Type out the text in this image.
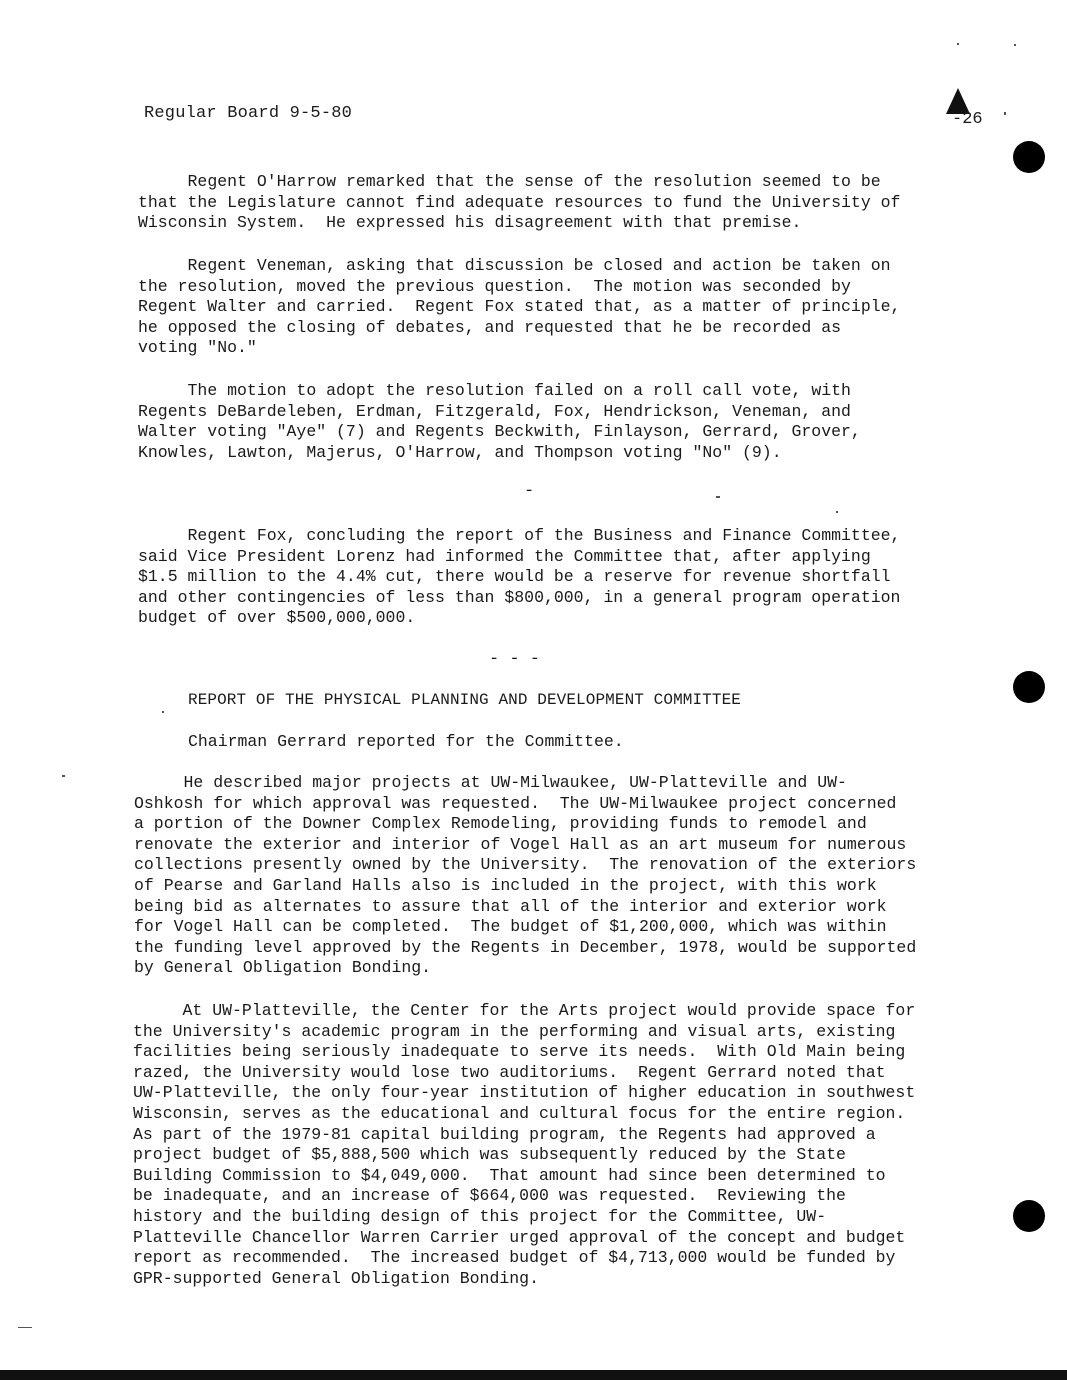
Regular Board 9-5-80	-26

Regent O'Harrow remarked that the sense of the resolution seemed to be
that the Legislature cannot find adequate resources to fund the University of
Wisconsin System.  He expressed his disagreement with that premise.

Regent Veneman, asking that discussion be closed and action be taken on
the resolution, moved the previous question.  The motion was seconded by
Regent Walter and carried.  Regent Fox stated that, as a matter of principle,
he opposed the closing of debates, and requested that he be recorded as
voting "No."

The motion to adopt the resolution failed on a roll call vote, with
Regents DeBardeleben, Erdman, Fitzgerald, Fox, Hendrickson, Veneman, and
Walter voting "Aye" (7) and Regents Beckwith, Finlayson, Gerrard, Grover,
Knowles, Lawton, Majerus, O'Harrow, and Thompson voting "No" (9).

-

Regent Fox, concluding the report of the Business and Finance Committee,
said Vice President Lorenz had informed the Committee that, after applying
$1.5 million to the 4.4% cut, there would be a reserve for revenue shortfall
and other contingencies of less than $800,000, in a general program operation
budget of over $500,000,000.

- - -
REPORT OF THE PHYSICAL PLANNING AND DEVELOPMENT COMMITTEE
Chairman Gerrard reported for the Committee.

He described major projects at UW-Milwaukee, UW-Platteville and UW-
Oshkosh for which approval was requested.  The UW-Milwaukee project concerned
a portion of the Downer Complex Remodeling, providing funds to remodel and
renovate the exterior and interior of Vogel Hall as an art museum for numerous
collections presently owned by the University.  The renovation of the exteriors
of Pearse and Garland Halls also is included in the project, with this work
being bid as alternates to assure that all of the interior and exterior work
for Vogel Hall can be completed.  The budget of $1,200,000, which was within
the funding level approved by the Regents in December, 1978, would be supported
by General Obligation Bonding.

At UW-Platteville, the Center for the Arts project would provide space for
the University's academic program in the performing and visual arts, existing
facilities being seriously inadequate to serve its needs.  With Old Main being
razed, the University would lose two auditoriums.  Regent Gerrard noted that
UW-Platteville, the only four-year institution of higher education in southwest
Wisconsin, serves as the educational and cultural focus for the entire region.
As part of the 1979-81 capital building program, the Regents had approved a
project budget of $5,888,500 which was subsequently reduced by the State
Building Commission to $4,049,000.  That amount had since been determined to
be inadequate, and an increase of $664,000 was requested.  Reviewing the
history and the building design of this project for the Committee, UW-
Platteville Chancellor Warren Carrier urged approval of the concept and budget
report as recommended.  The increased budget of $4,713,000 would be funded by
GPR-supported General Obligation Bonding.
